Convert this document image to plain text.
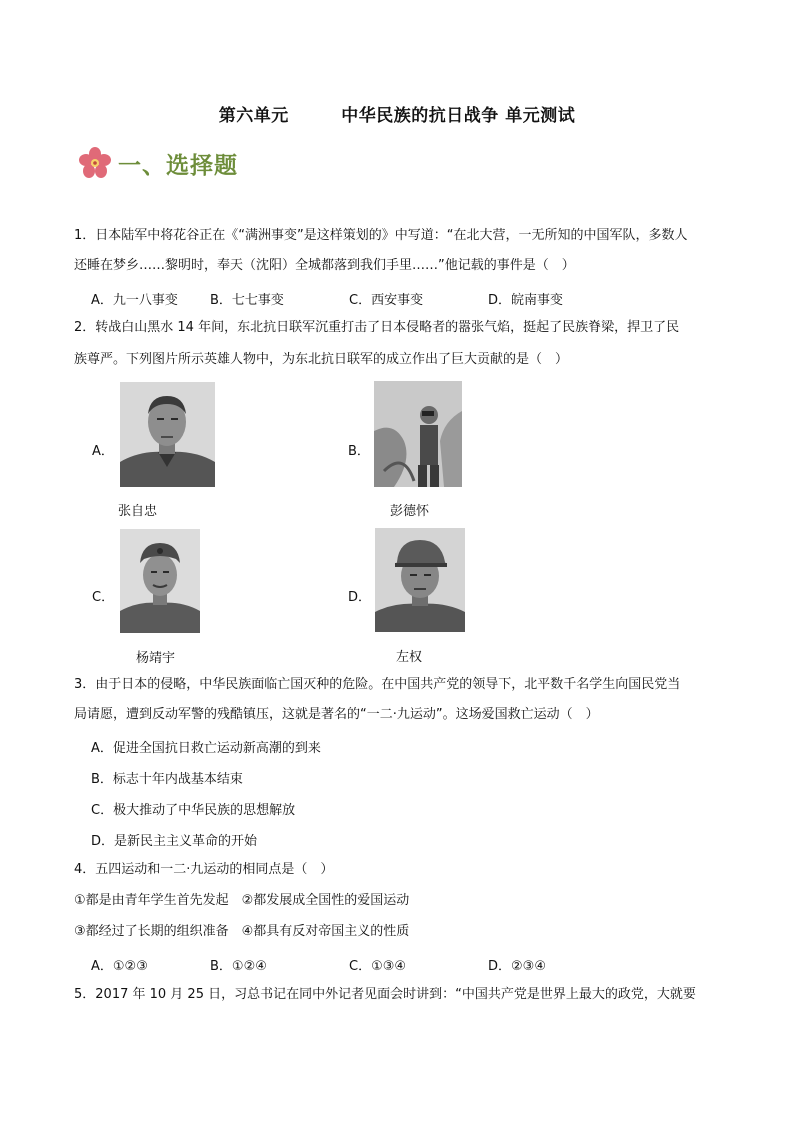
第六单元　　　中华民族的抗日战争 单元测试
一、选择题
1．日本陆军中将花谷正在《“满洲事变”是这样策划的》中写道：“在北大营，一无所知的中国军队，多数人
还睡在梦乡……黎明时，奉天（沈阳）全城都落到我们手里……”他记载的事件是（　）
A．九一八事变 B．七七事变	C．西安事变	D．皖南事变
2．转战白山黑水 14 年间，东北抗日联军沉重打击了日本侵略者的嚣张气焰，挺起了民族脊梁，捍卫了民
族尊严。下列图片所示英雄人物中，为东北抗日联军的成立作出了巨大贡献的是（　）
A．
张自忠
B．
彭德怀
C．
杨靖宇
D．
左权
3．由于日本的侵略，中华民族面临亡国灭种的危险。在中国共产党的领导下，北平数千名学生向国民党当
局请愿，遭到反动军警的残酷镇压，这就是著名的“一二·九运动”。这场爱国救亡运动（　）
A．促进全国抗日救亡运动新高潮的到来
B．标志十年内战基本结束
C．极大推动了中华民族的思想解放
D．是新民主主义革命的开始
4．五四运动和一二·九运动的相同点是（　）
①都是由青年学生首先发起　②都发展成全国性的爱国运动
③都经过了长期的组织准备　④都具有反对帝国主义的性质
A．①②③	B．①②④	C．①③④	D．②③④
5．2017 年 10 月 25 日，习总书记在同中外记者见面会时讲到：“中国共产党是世界上最大的政党，大就要
